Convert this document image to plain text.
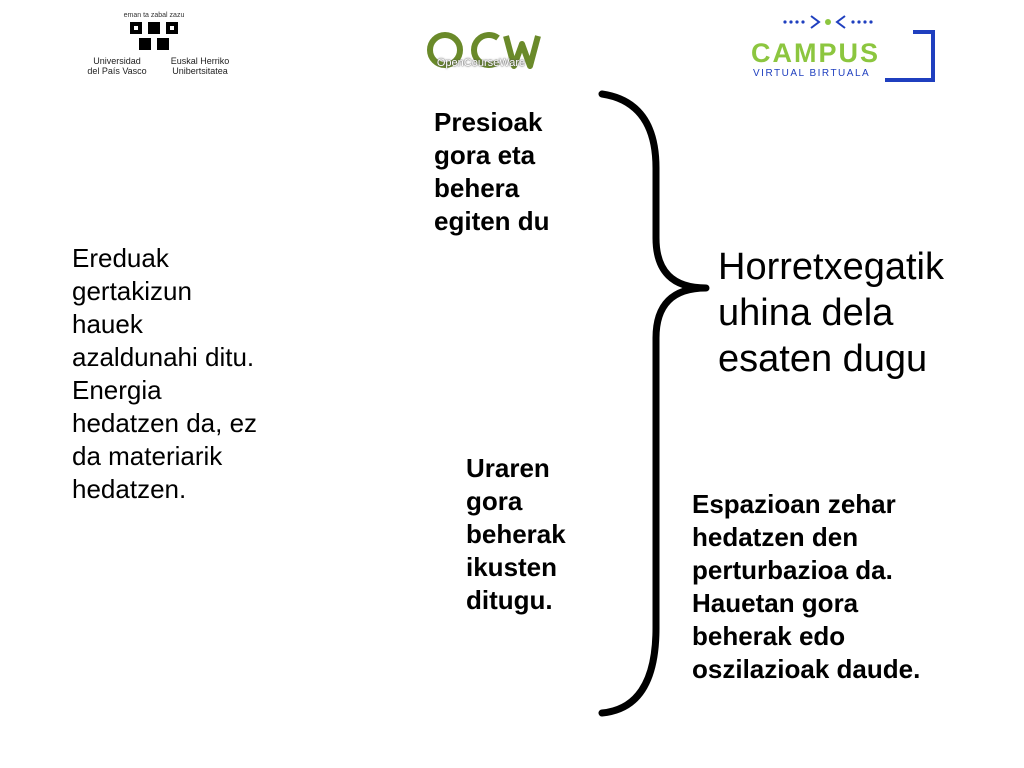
eman ta zabal zazu
Universidad
del País Vasco
Euskal Herriko
Unibertsitatea
OpenCourseWare	CAMPUS
VIRTUAL BIRTUALA
Presioak
gora eta
behera
egiten du
Ereduak
gertakizun
hauek
azaldunahi ditu.
Energia
hedatzen da, ez
da materiarik
hedatzen.
Horretxegatik
uhina dela
esaten dugu
Uraren
gora
beherak
ikusten
ditugu.
Espazioan zehar
hedatzen den
perturbazioa da.
Hauetan gora
beherak edo
oszilazioak daude.
